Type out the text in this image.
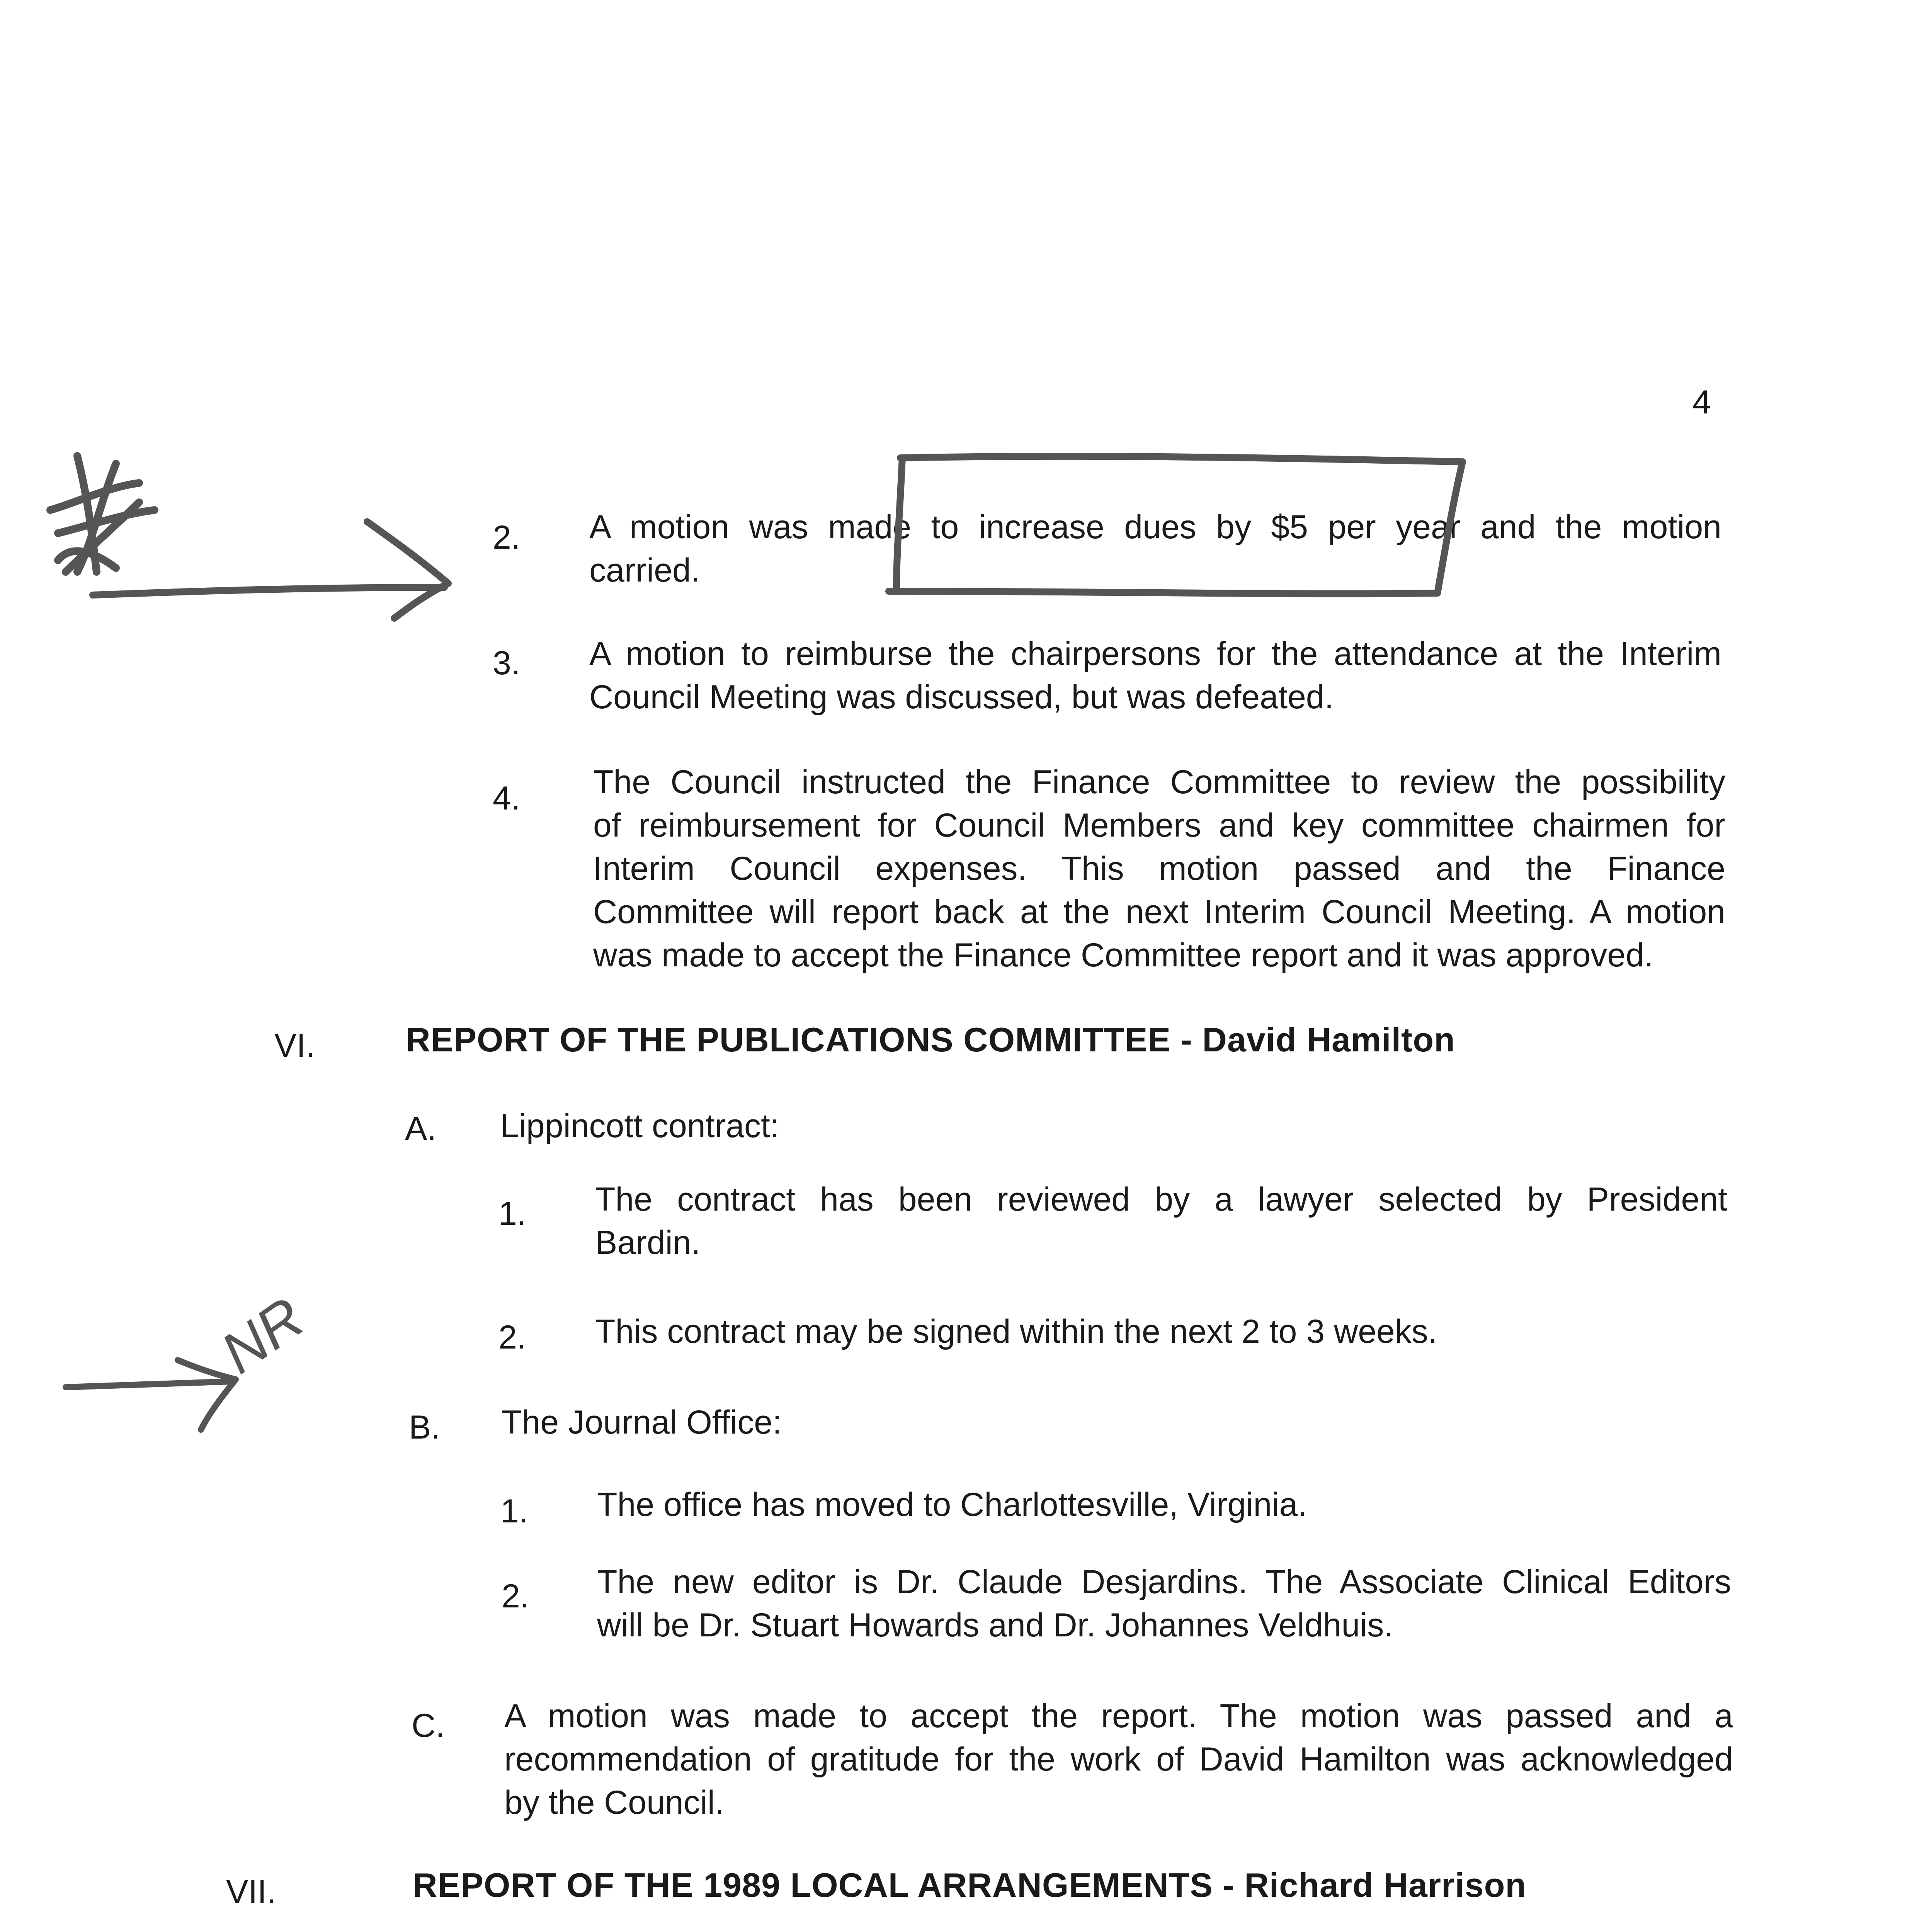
4
2. A motion was made to increase dues by $5 per year and the motion
carried.
3. A motion to reimburse the chairpersons for the attendance at the Interim
Council Meeting was discussed, but was defeated.
4. The Council instructed the Finance Committee to review the possibility
of reimbursement for Council Members and key committee chairmen for
Interim Council expenses. This motion passed and the Finance
Committee will report back at the next Interim Council Meeting. A motion
was made to accept the Finance Committee report and it was approved.
VI.	REPORT OF THE PUBLICATIONS COMMITTEE - David Hamilton
A. Lippincott contract:
1. The contract has been reviewed by a lawyer selected by President
Bardin.
2. This contract may be signed within the next 2 to 3 weeks.
B. The Journal Office:
1. The office has moved to Charlottesville, Virginia.
2. The new editor is Dr. Claude Desjardins. The Associate Clinical Editors
will be Dr. Stuart Howards and Dr. Johannes Veldhuis.
C. A motion was made to accept the report. The motion was passed and a
recommendation of gratitude for the work of David Hamilton was acknowledged
by the Council.
VII.	REPORT OF THE 1989 LOCAL ARRANGEMENTS - Richard Harrison
NR
